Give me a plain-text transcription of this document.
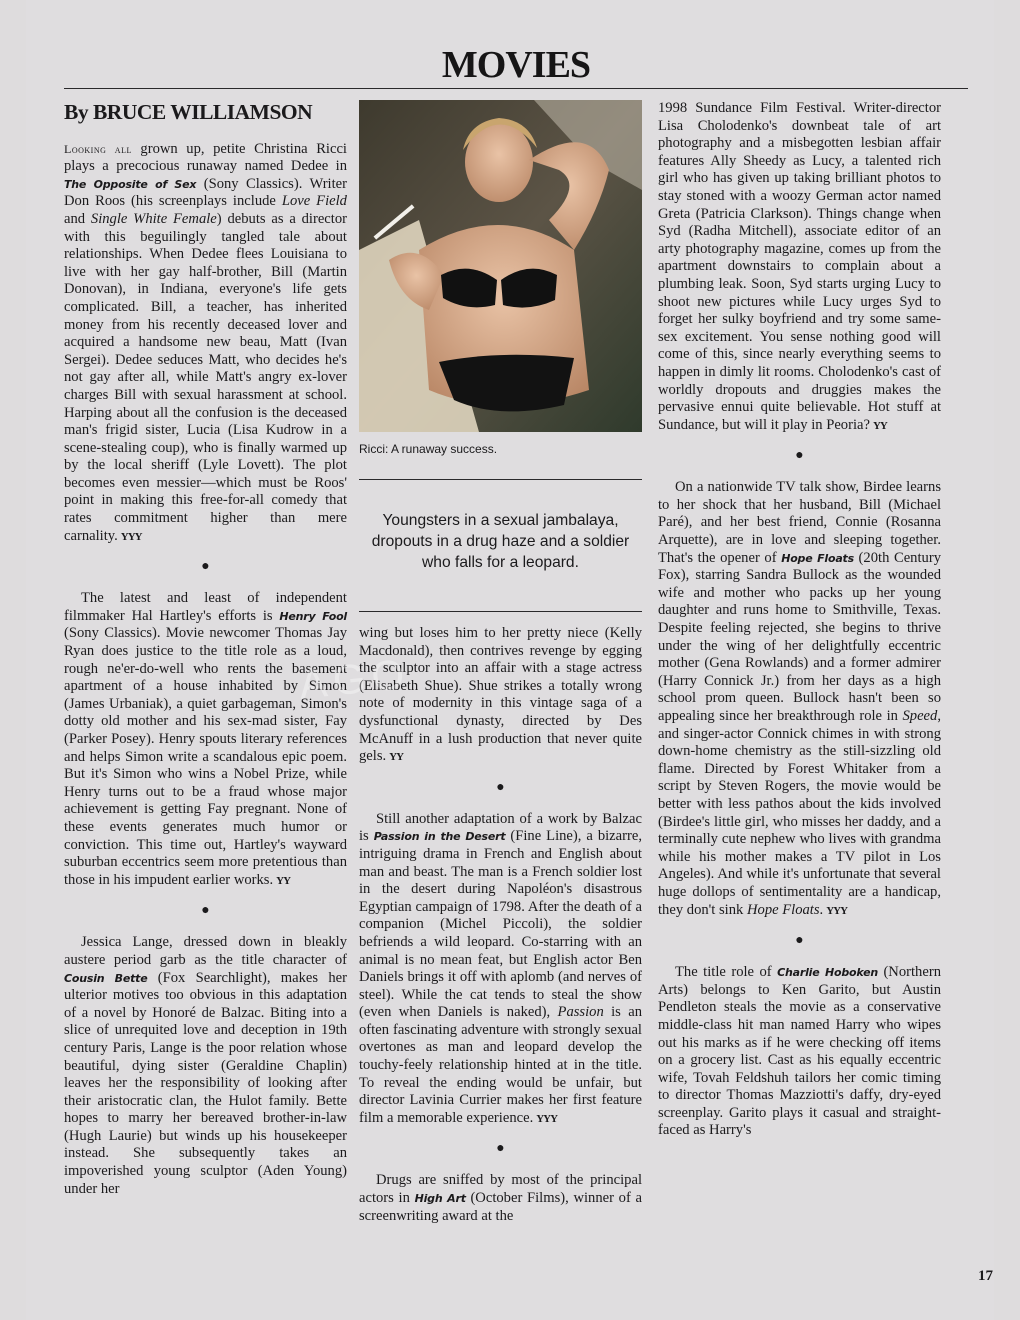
MOVIES
By BRUCE WILLIAMSON

Looking all grown up, petite Christina Ricci plays a precocious runaway named Dedee in The Opposite of Sex (Sony Classics). Writer Don Roos (his screenplays include Love Field and Single White Female) debuts as a director with this beguilingly tangled tale about relationships. When Dedee flees Louisiana to live with her gay half-brother, Bill (Martin Donovan), in Indiana, everyone's life gets complicated. Bill, a teacher, has inherited money from his recently deceased lover and acquired a handsome new beau, Matt (Ivan Sergei). Dedee seduces Matt, who decides he's not gay after all, while Matt's angry ex-lover charges Bill with sexual harassment at school. Harping about all the confusion is the deceased man's frigid sister, Lucia (Lisa Kudrow in a scene-stealing coup), who is finally warmed up by the local sheriff (Lyle Lovett). The plot becomes even messier—which must be Roos' point in making this free-for-all comedy that rates commitment higher than mere carnality. YYY

●

The latest and least of independent filmmaker Hal Hartley's efforts is Henry Fool (Sony Classics). Movie newcomer Thomas Jay Ryan does justice to the title role as a loud, rough ne'er-do-well who rents the basement apartment of a house inhabited by Simon (James Urbaniak), a quiet garbageman, Simon's dotty old mother and his sex-mad sister, Fay (Parker Posey). Henry spouts literary references and helps Simon write a scandalous epic poem. But it's Simon who wins a Nobel Prize, while Henry turns out to be a fraud whose major achievement is getting Fay pregnant. None of these events generates much humor or conviction. This time out, Hartley's wayward suburban eccentrics seem more pretentious than those in his impudent earlier works. YY

●

Jessica Lange, dressed down in bleakly austere period garb as the title character of Cousin Bette (Fox Searchlight), makes her ulterior motives too obvious in this adaptation of a novel by Honoré de Balzac. Biting into a slice of unrequited love and deception in 19th century Paris, Lange is the poor relation whose beautiful, dying sister (Geraldine Chaplin) leaves her the responsibility of looking after their aristocratic clan, the Hulot family. Bette hopes to marry her bereaved brother-in-law (Hugh Laurie) but winds up his housekeeper instead. She subsequently takes an impoverished young sculptor (Aden Young) under her

Ricci: A runaway success.
Youngsters in a sexual jambalaya, dropouts in a drug haze and a soldier who falls for a leopard.

wing but loses him to her pretty niece (Kelly Macdonald), then contrives revenge by egging the sculptor into an affair with a stage actress (Elisabeth Shue). Shue strikes a totally wrong note of modernity in this vintage saga of a dysfunctional dynasty, directed by Des McAnuff in a lush production that never quite gels. YY

●

Still another adaptation of a work by Balzac is Passion in the Desert (Fine Line), a bizarre, intriguing drama in French and English about man and beast. The man is a French soldier lost in the desert during Napoléon's disastrous Egyptian campaign of 1798. After the death of a companion (Michel Piccoli), the soldier befriends a wild leopard. Co-starring with an animal is no mean feat, but English actor Ben Daniels brings it off with aplomb (and nerves of steel). While the cat tends to steal the show (even when Daniels is naked), Passion is an often fascinating adventure with strongly sexual overtones as man and leopard develop the touchy-feely relationship hinted at in the title. To reveal the ending would be unfair, but director Lavinia Currier makes her first feature film a memorable experience. YYY

●

Drugs are sniffed by most of the principal actors in High Art (October Films), winner of a screenwriting award at the

1998 Sundance Film Festival. Writer-director Lisa Cholodenko's downbeat tale of art photography and a misbegotten lesbian affair features Ally Sheedy as Lucy, a talented rich girl who has given up taking brilliant photos to stay stoned with a woozy German actor named Greta (Patricia Clarkson). Things change when Syd (Radha Mitchell), associate editor of an arty photography magazine, comes up from the apartment downstairs to complain about a plumbing leak. Soon, Syd starts urging Lucy to shoot new pictures while Lucy urges Syd to forget her sulky boyfriend and try some same-sex excitement. You sense nothing good will come of this, since nearly everything seems to happen in dimly lit rooms. Cholodenko's cast of worldly dropouts and druggies makes the pervasive ennui quite believable. Hot stuff at Sundance, but will it play in Peoria? YY

●

On a nationwide TV talk show, Birdee learns to her shock that her husband, Bill (Michael Paré), and her best friend, Connie (Rosanna Arquette), are in love and sleeping together. That's the opener of Hope Floats (20th Century Fox), starring Sandra Bullock as the wounded wife and mother who packs up her young daughter and runs home to Smithville, Texas. Despite feeling rejected, she begins to thrive under the wing of her delightfully eccentric mother (Gena Rowlands) and a former admirer (Harry Connick Jr.) from her days as a high school prom queen. Bullock hasn't been so appealing since her breakthrough role in Speed, and singer-actor Connick chimes in with strong down-home chemistry as the still-sizzling old flame. Directed by Forest Whitaker from a script by Steven Rogers, the movie would be better with less pathos about the kids involved (Birdee's little girl, who misses her daddy, and a terminally cute nephew who lives with grandma while his mother makes a TV pilot in Los Angeles). And while it's unfortunate that several huge dollops of sentimentality are a handicap, they don't sink Hope Floats. YYY

●

The title role of Charlie Hoboken (Northern Arts) belongs to Ken Garito, but Austin Pendleton steals the movie as a conservative middle-class hit man named Harry who wipes out his marks as if he were checking off items on a grocery list. Cast as his equally eccentric wife, Tovah Feldshuh tailors her comic timing to director Thomas Mazziotti's daffy, dry-eyed screenplay. Garito plays it casual and straight-faced as Harry's

17
AGO
